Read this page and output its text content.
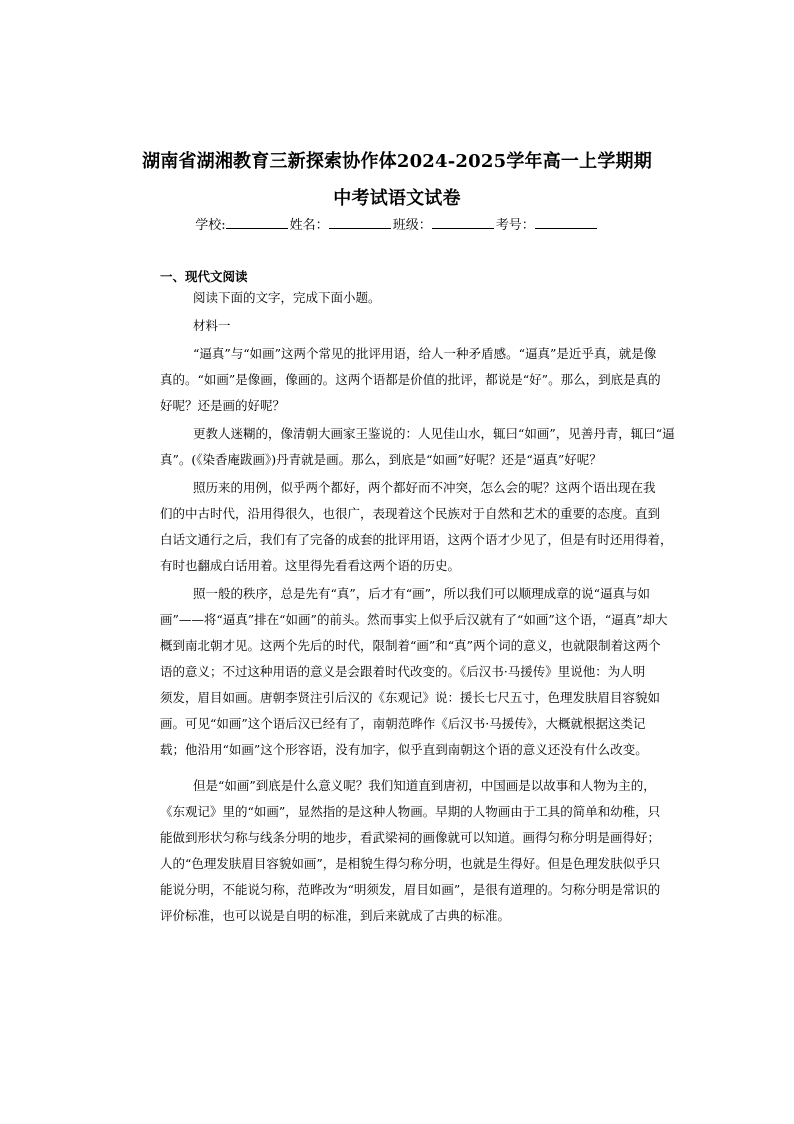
湖南省湖湘教育三新探索协作体2024-2025学年高一上学期期
中考试语文试卷
学校:	姓名：	班级：	考号：
一、现代文阅读
阅读下面的文字，完成下面小题。
材料一
“逼真”与“如画”这两个常见的批评用语，给人一种矛盾感。“逼真”是近乎真，就是像
真的。“如画”是像画，像画的。这两个语都是价值的批评，都说是“好”。那么，到底是真的
好呢？还是画的好呢？
更教人迷糊的，像清朝大画家王鉴说的：人见佳山水，辄曰“如画”，见善丹青，辄曰“逼
真”。(《染香庵跋画》)丹青就是画。那么，到底是“如画”好呢？还是“逼真”好呢？
照历来的用例，似乎两个都好，两个都好而不冲突，怎么会的呢？这两个语出现在我
们的中古时代，沿用得很久，也很广，表现着这个民族对于自然和艺术的重要的态度。直到
白话文通行之后，我们有了完备的成套的批评用语，这两个语才少见了，但是有时还用得着，
有时也翻成白话用着。这里得先看看这两个语的历史。
照一般的秩序，总是先有“真”，后才有“画”，所以我们可以顺理成章的说“逼真与如
画”——将“逼真”排在“如画”的前头。然而事实上似乎后汉就有了“如画”这个语，“逼真”却大
概到南北朝才见。这两个先后的时代，限制着“画”和“真”两个词的意义，也就限制着这两个
语的意义；不过这种用语的意义是会跟着时代改变的。《后汉书·马援传》里说他：为人明
须发，眉目如画。唐朝李贤注引后汉的《东观记》说：援长七尺五寸，色理发肤眉目容貌如
画。可见“如画”这个语后汉已经有了，南朝范晔作《后汉书·马援传》，大概就根据这类记
载；他沿用“如画”这个形容语，没有加字，似乎直到南朝这个语的意义还没有什么改变。
但是“如画”到底是什么意义呢？我们知道直到唐初，中国画是以故事和人物为主的，
《东观记》里的“如画”，显然指的是这种人物画。早期的人物画由于工具的简单和幼稚，只
能做到形状匀称与线条分明的地步，看武梁祠的画像就可以知道。画得匀称分明是画得好；
人的“色理发肤眉目容貌如画”，是相貌生得匀称分明，也就是生得好。但是色理发肤似乎只
能说分明，不能说匀称，范晔改为“明须发，眉目如画”，是很有道理的。匀称分明是常识的
评价标准，也可以说是自明的标准，到后来就成了古典的标准。
